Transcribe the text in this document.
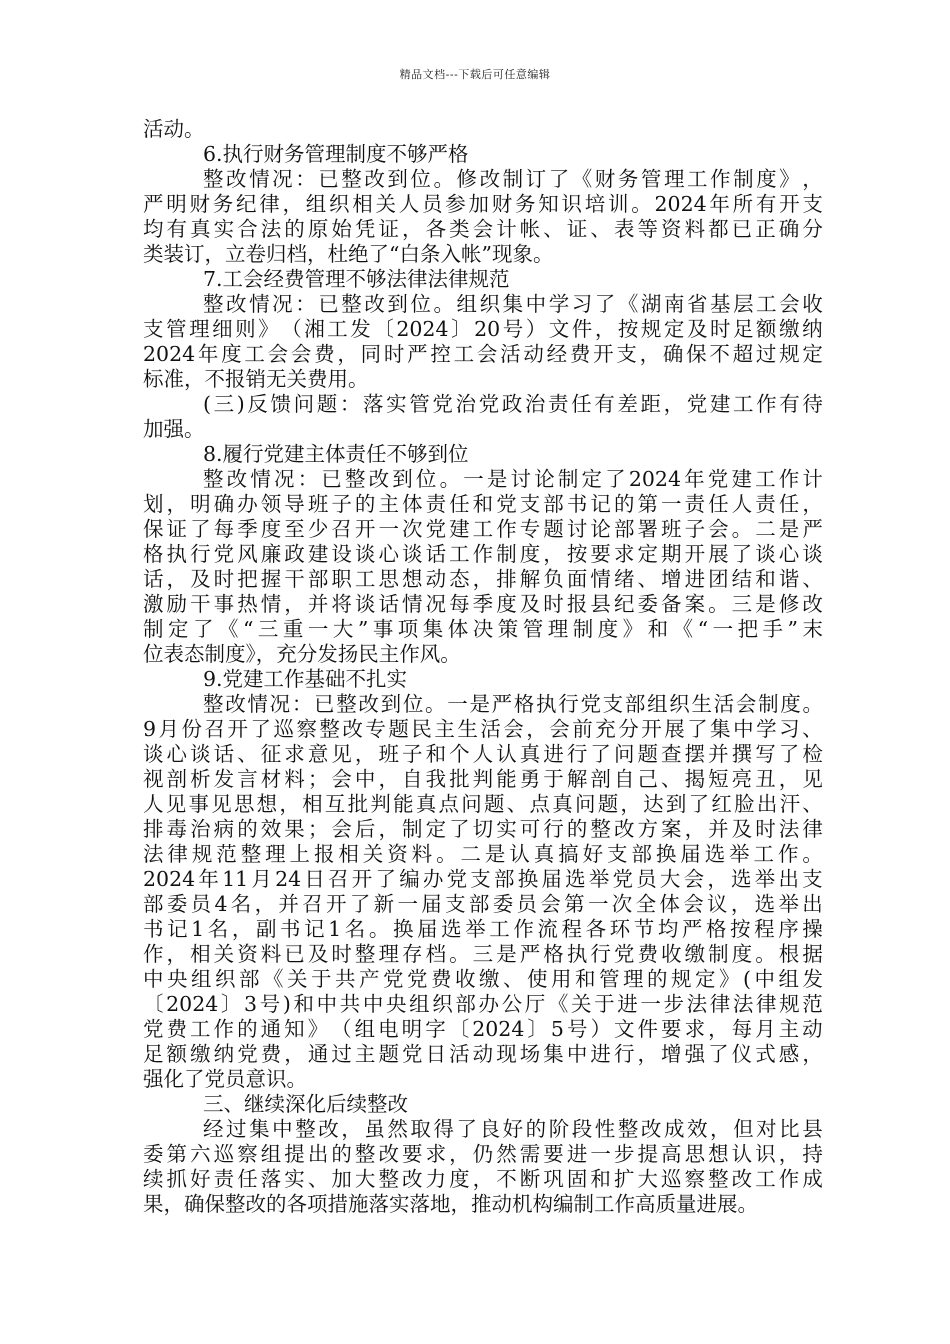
精品文档---下载后可任意编辑
活动。
6.执行财务管理制度不够严格
整 改 情 况 ： 已 整 改 到 位 。 修 改 制 订 了 《 财 务 管 理 工 作 制 度 》 ，
严 明 财 务 纪 律 ， 组 织 相 关 人 员 参 加 财 务 知 识 培 训 。 2024 年 所 有 开 支
均 有 真 实 合 法 的 原 始 凭 证 ， 各 类 会 计 帐 、 证 、 表 等 资 料 都 已 正 确 分
类装订，立卷归档，杜绝了“白条入帐”现象。
7.工会经费管理不够法律法律规范
整 改 情 况 ： 已 整 改 到 位 。 组 织 集 中 学 习 了 《 湖 南 省 基 层 工 会 收
支 管 理 细 则 》 （ 湘 工 发 〔 2024 〕 20 号 ） 文 件 ， 按 规 定 及 时 足 额 缴 纳
2024 年 度 工 会 会 费 ， 同 时 严 控 工 会 活 动 经 费 开 支 ， 确 保 不 超 过 规 定
标准，不报销无关费用。
( 三 ) 反 馈 问 题 ： 落 实 管 党 治 党 政 治 责 任 有 差 距 ， 党 建 工 作 有 待
加强。
8.履行党建主体责任不够到位
整 改 情 况 ： 已 整 改 到 位 。 一 是 讨 论 制 定 了 2024 年 党 建 工 作 计
划 ， 明 确 办 领 导 班 子 的 主 体 责 任 和 党 支 部 书 记 的 第 一 责 任 人 责 任 ，
保 证 了 每 季 度 至 少 召 开 一 次 党 建 工 作 专 题 讨 论 部 署 班 子 会 。 二 是 严
格 执 行 党 风 廉 政 建 设 谈 心 谈 话 工 作 制 度 ， 按 要 求 定 期 开 展 了 谈 心 谈
话 ， 及 时 把 握 干 部 职 工 思 想 动 态 ， 排 解 负 面 情 绪 、 增 进 团 结 和 谐 、
激 励 干 事 热 情 ， 并 将 谈 话 情 况 每 季 度 及 时 报 县 纪 委 备 案 。 三 是 修 改
制 定 了 《 “ 三 重 一 大 ” 事 项 集 体 决 策 管 理 制 度 》 和 《 “ 一 把 手 ” 末
位表态制度》，充分发扬民主作风。
9.党建工作基础不扎实
整 改 情 况 ： 已 整 改 到 位 。 一 是 严 格 执 行 党 支 部 组 织 生 活 会 制 度 。
9 月 份 召 开 了 巡 察 整 改 专 题 民 主 生 活 会 ， 会 前 充 分 开 展 了 集 中 学 习 、
谈 心 谈 话 、 征 求 意 见 ， 班 子 和 个 人 认 真 进 行 了 问 题 查 摆 并 撰 写 了 检
视 剖 析 发 言 材 料 ； 会 中 ， 自 我 批 判 能 勇 于 解 剖 自 己 、 揭 短 亮 丑 ， 见
人 见 事 见 思 想 ， 相 互 批 判 能 真 点 问 题 、 点 真 问 题 ， 达 到 了 红 脸 出 汗 、
排 毒 治 病 的 效 果 ； 会 后 ， 制 定 了 切 实 可 行 的 整 改 方 案 ， 并 及 时 法 律
法 律 规 范 整 理 上 报 相 关 资 料 。 二 是 认 真 搞 好 支 部 换 届 选 举 工 作 。
2024 年 11 月 24 日 召 开 了 编 办 党 支 部 换 届 选 举 党 员 大 会 ， 选 举 出 支
部 委 员 4 名 ， 并 召 开 了 新 一 届 支 部 委 员 会 第 一 次 全 体 会 议 ， 选 举 出
书 记 1 名 ， 副 书 记 1 名 。 换 届 选 举 工 作 流 程 各 环 节 均 严 格 按 程 序 操
作 ， 相 关 资 料 已 及 时 整 理 存 档 。 三 是 严 格 执 行 党 费 收 缴 制 度 。 根 据
中 央 组 织 部 《 关 于 共 产 党 党 费 收 缴 、 使 用 和 管 理 的 规 定 》 ( 中 组 发
〔 2024 〕 3 号 ) 和 中 共 中 央 组 织 部 办 公 厅 《 关 于 进 一 步 法 律 法 律 规 范
党 费 工 作 的 通 知 》 （ 组 电 明 字 〔 2024 〕 5 号 ） 文 件 要 求 ， 每 月 主 动
足 额 缴 纳 党 费 ， 通 过 主 题 党 日 活 动 现 场 集 中 进 行 ， 增 强 了 仪 式 感 ，
强化了党员意识。
三、继续深化后续整改
经 过 集 中 整 改 ， 虽 然 取 得 了 良 好 的 阶 段 性 整 改 成 效 ， 但 对 比 县
委 第 六 巡 察 组 提 出 的 整 改 要 求 ， 仍 然 需 要 进 一 步 提 高 思 想 认 识 ， 持
续 抓 好 责 任 落 实 、 加 大 整 改 力 度 ， 不 断 巩 固 和 扩 大 巡 察 整 改 工 作 成
果，确保整改的各项措施落实落地，推动机构编制工作高质量进展。
